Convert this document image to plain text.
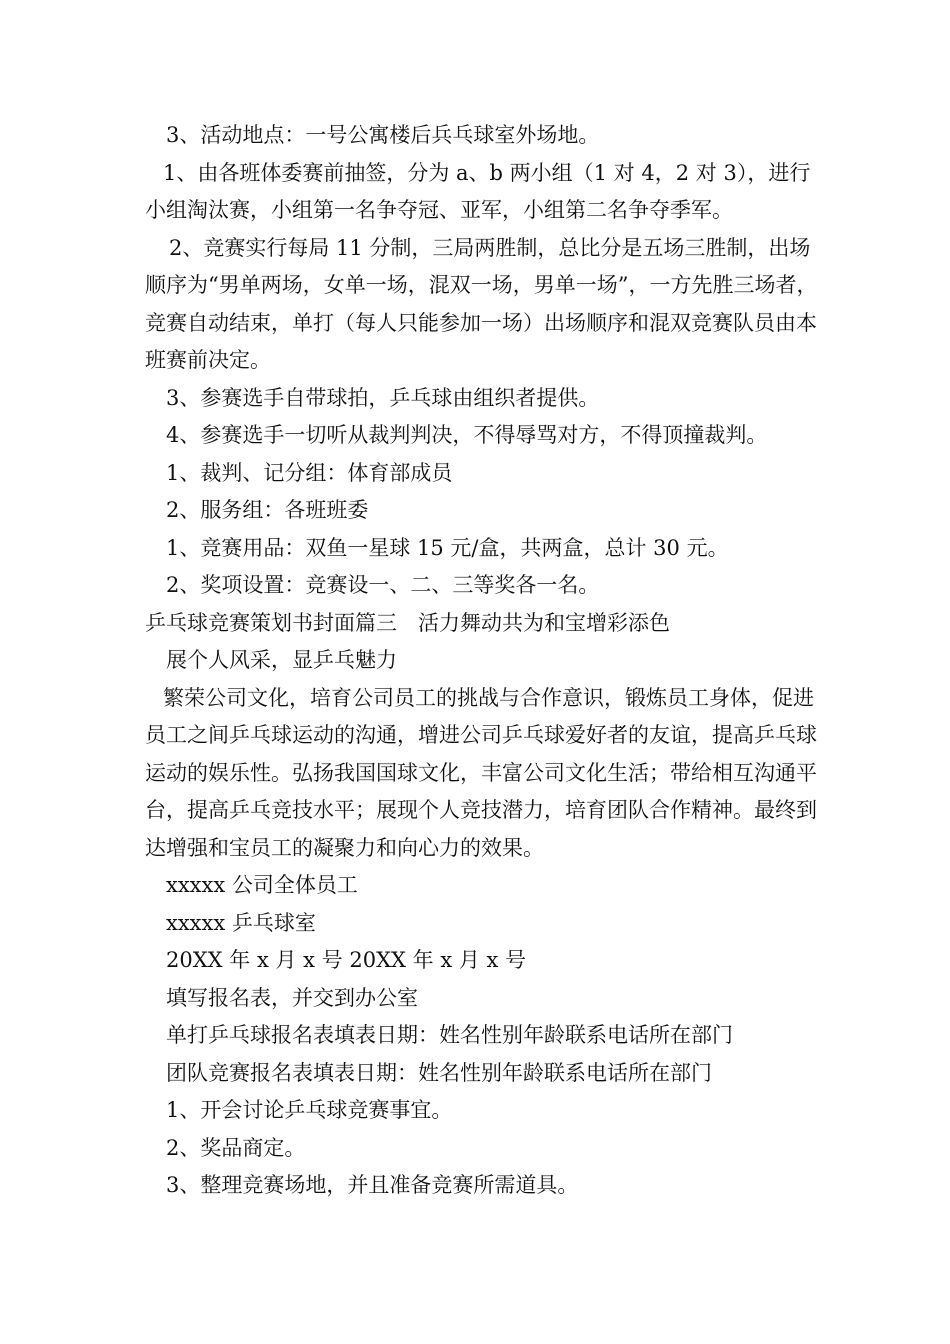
3、活动地点：一号公寓楼后兵乓球室外场地。

1、由各班体委赛前抽签，分为 a、b 两小组（1 对 4，2 对 3），进行小组淘汰赛，小组第一名争夺冠、亚军，小组第二名争夺季军。

2、竞赛实行每局 11 分制，三局两胜制，总比分是五场三胜制，出场顺序为“男单两场，女单一场，混双一场，男单一场”，一方先胜三场者，竞赛自动结束，单打（每人只能参加一场）出场顺序和混双竞赛队员由本班赛前决定。

3、参赛选手自带球拍，乒乓球由组织者提供。

4、参赛选手一切听从裁判判决，不得辱骂对方，不得顶撞裁判。

1、裁判、记分组：体育部成员

2、服务组：各班班委

1、竞赛用品：双鱼一星球 15 元/盒，共两盒，总计 30 元。

2、奖项设置：竞赛设一、二、三等奖各一名。

乒乓球竞赛策划书封面篇三　活力舞动共为和宝增彩添色

展个人风采，显乒乓魅力

繁荣公司文化，培育公司员工的挑战与合作意识，锻炼员工身体，促进员工之间乒乓球运动的沟通，增进公司乒乓球爱好者的友谊，提高乒乓球运动的娱乐性。弘扬我国国球文化，丰富公司文化生活；带给相互沟通平台，提高乒乓竞技水平；展现个人竞技潜力，培育团队合作精神。最终到达增强和宝员工的凝聚力和向心力的效果。

xxxxx 公司全体员工

xxxxx 乒乓球室

20XX 年 x 月 x 号 20XX 年 x 月 x 号

填写报名表，并交到办公室

单打乒乓球报名表填表日期：姓名性别年龄联系电话所在部门

团队竞赛报名表填表日期：姓名性别年龄联系电话所在部门

1、开会讨论乒乓球竞赛事宜。

2、奖品商定。

3、整理竞赛场地，并且准备竞赛所需道具。
